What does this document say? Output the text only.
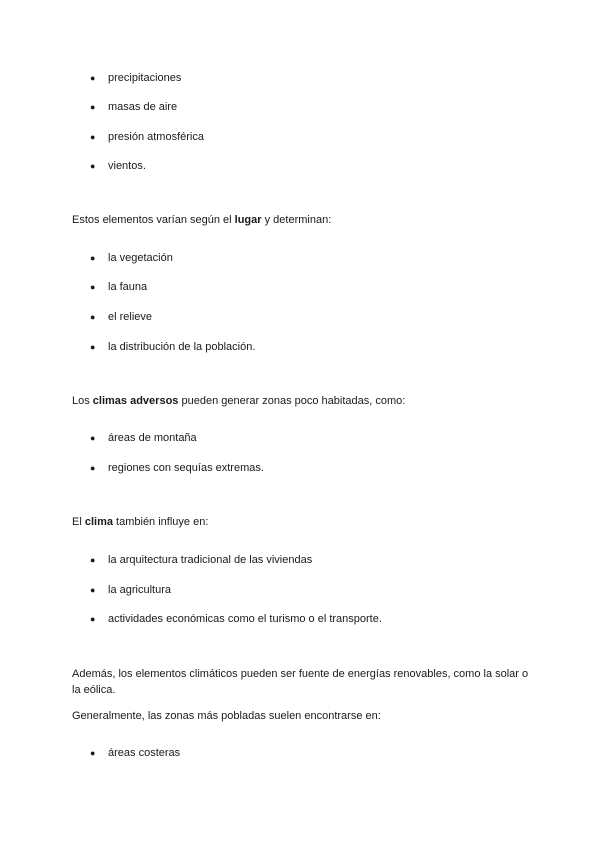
● precipitaciones
● masas de aire
● presión atmosférica
● vientos.
Estos elementos varían según el lugar y determinan:
● la vegetación
● la fauna
● el relieve
● la distribución de la población.
Los climas adversos pueden generar zonas poco habitadas, como:
● áreas de montaña
● regiones con sequías extremas.
El clima también influye en:
● la arquitectura tradicional de las viviendas
● la agricultura
● actividades económicas como el turismo o el transporte.
Además, los elementos climáticos pueden ser fuente de energías renovables, como la solar o la eólica.
Generalmente, las zonas más pobladas suelen encontrarse en:
● áreas costeras
